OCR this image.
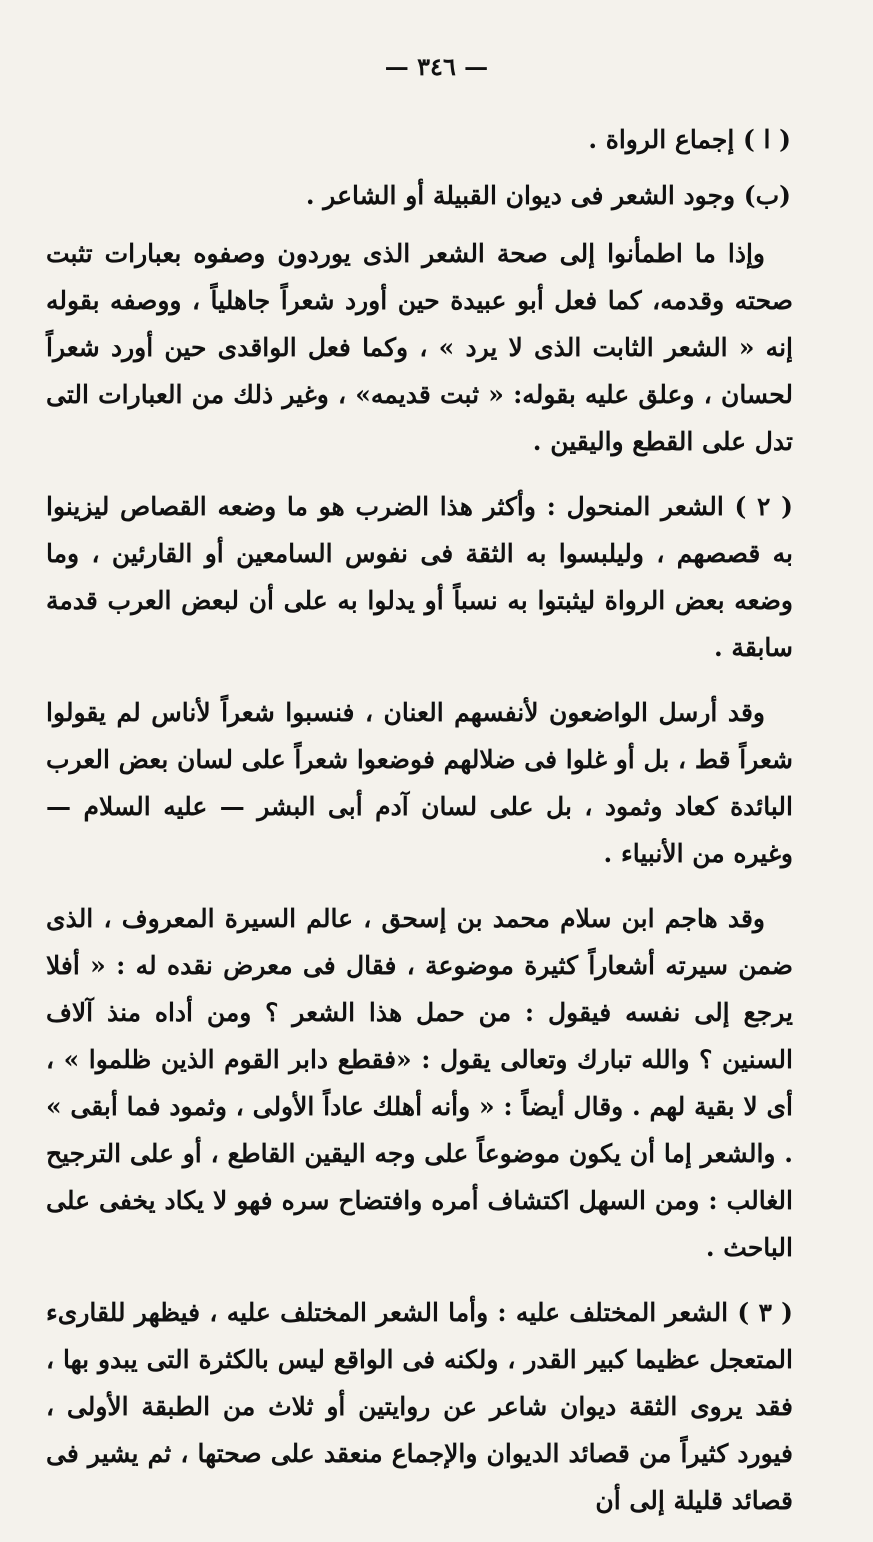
— ٣٤٦ —

( ا ) إجماع الرواة .

(ب) وجود الشعر فى ديوان القبيلة أو الشاعر .

وإذا ما اطمأنوا إلى صحة الشعر الذى يوردون وصفوه بعبارات تثبت صحته وقدمه، كما فعل أبو عبيدة حين أورد شعراً جاهلياً ، ووصفه بقوله إنه « الشعر الثابت الذى لا يرد » ، وكما فعل الواقدى حين أورد شعراً لحسان ، وعلق عليه بقوله: « ثبت قديمه» ، وغير ذلك من العبارات التى تدل على القطع واليقين .

( ٢ ) الشعر المنحول : وأكثر هذا الضرب هو ما وضعه القصاص ليزينوا به قصصهم ، وليلبسوا به الثقة فى نفوس السامعين أو القارئين ، وما وضعه بعض الرواة ليثبتوا به نسباً أو يدلوا به على أن لبعض العرب قدمة سابقة .

وقد أرسل الواضعون لأنفسهم العنان ، فنسبوا شعراً لأناس لم يقولوا شعراً قط ، بل أو غلوا فى ضلالهم فوضعوا شعراً على لسان بعض العرب البائدة كعاد وثمود ، بل على لسان آدم أبى البشر — عليه السلام — وغيره من الأنبياء .

وقد هاجم ابن سلام محمد بن إسحق ، عالم السيرة المعروف ، الذى ضمن سيرته أشعاراً كثيرة موضوعة ، فقال فى معرض نقده له : « أفلا يرجع إلى نفسه فيقول : من حمل هذا الشعر ؟ ومن أداه منذ آلاف السنين ؟ والله تبارك وتعالى يقول : «فقطع دابر القوم الذين ظلموا » ، أى لا بقية لهم . وقال أيضاً : « وأنه أهلك عاداً الأولى ، وثمود فما أبقى » . والشعر إما أن يكون موضوعاً على وجه اليقين القاطع ، أو على الترجيح الغالب : ومن السهل اكتشاف أمره وافتضاح سره فهو لا يكاد يخفى على الباحث .

( ٣ ) الشعر المختلف عليه : وأما الشعر المختلف عليه ، فيظهر للقارىء المتعجل عظيما كبير القدر ، ولكنه فى الواقع ليس بالكثرة التى يبدو بها ، فقد يروى الثقة ديوان شاعر عن روايتين أو ثلاث من الطبقة الأولى ، فيورد كثيراً من قصائد الديوان والإجماع منعقد على صحتها ، ثم يشير فى قصائد قليلة إلى أن
